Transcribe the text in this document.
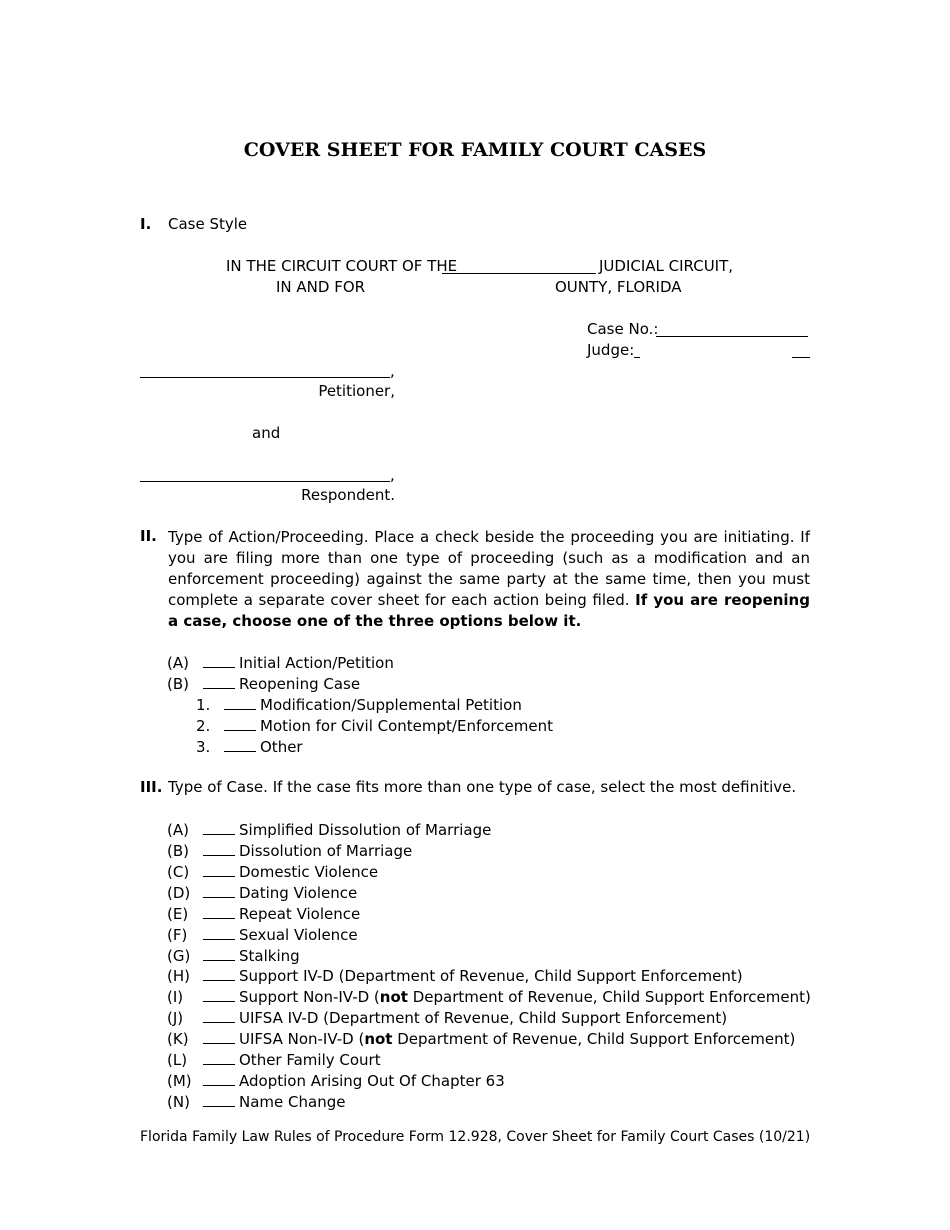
COVER SHEET FOR FAMILY COURT CASES
I. Case Style
IN THE CIRCUIT COURT OF THE	JUDICIAL CIRCUIT,
IN AND FOR	OUNTY, FLORIDA
Case No.:
Judge:
,
Petitioner,
and
,
Respondent.
II. Type of Action/Proceeding. Place a check beside the proceeding you are initiating. If you are filing more than one type of proceeding (such as a modification and an enforcement proceeding) against the same party at the same time, then you must complete a separate cover sheet for each action being filed. If you are reopening a case, choose one of the three options below it.
(A)	Initial Action/Petition
(B)	Reopening Case
1.	Modification/Supplemental Petition
2.	Motion for Civil Contempt/Enforcement
3.	Other
III. Type of Case. If the case fits more than one type of case, select the most definitive.
(A)	Simplified Dissolution of Marriage
(B)	Dissolution of Marriage
(C)	Domestic Violence
(D)	Dating Violence
(E)	Repeat Violence
(F)	Sexual Violence
(G)	Stalking
(H)	Support IV-D (Department of Revenue, Child Support Enforcement)
(I)	Support Non-IV-D (not Department of Revenue, Child Support Enforcement)
(J)	UIFSA IV-D (Department of Revenue, Child Support Enforcement)
(K)	UIFSA Non-IV-D (not Department of Revenue, Child Support Enforcement)
(L)	Other Family Court
(M)	Adoption Arising Out Of Chapter 63
(N)	Name Change
Florida Family Law Rules of Procedure Form 12.928, Cover Sheet for Family Court Cases (10/21)
